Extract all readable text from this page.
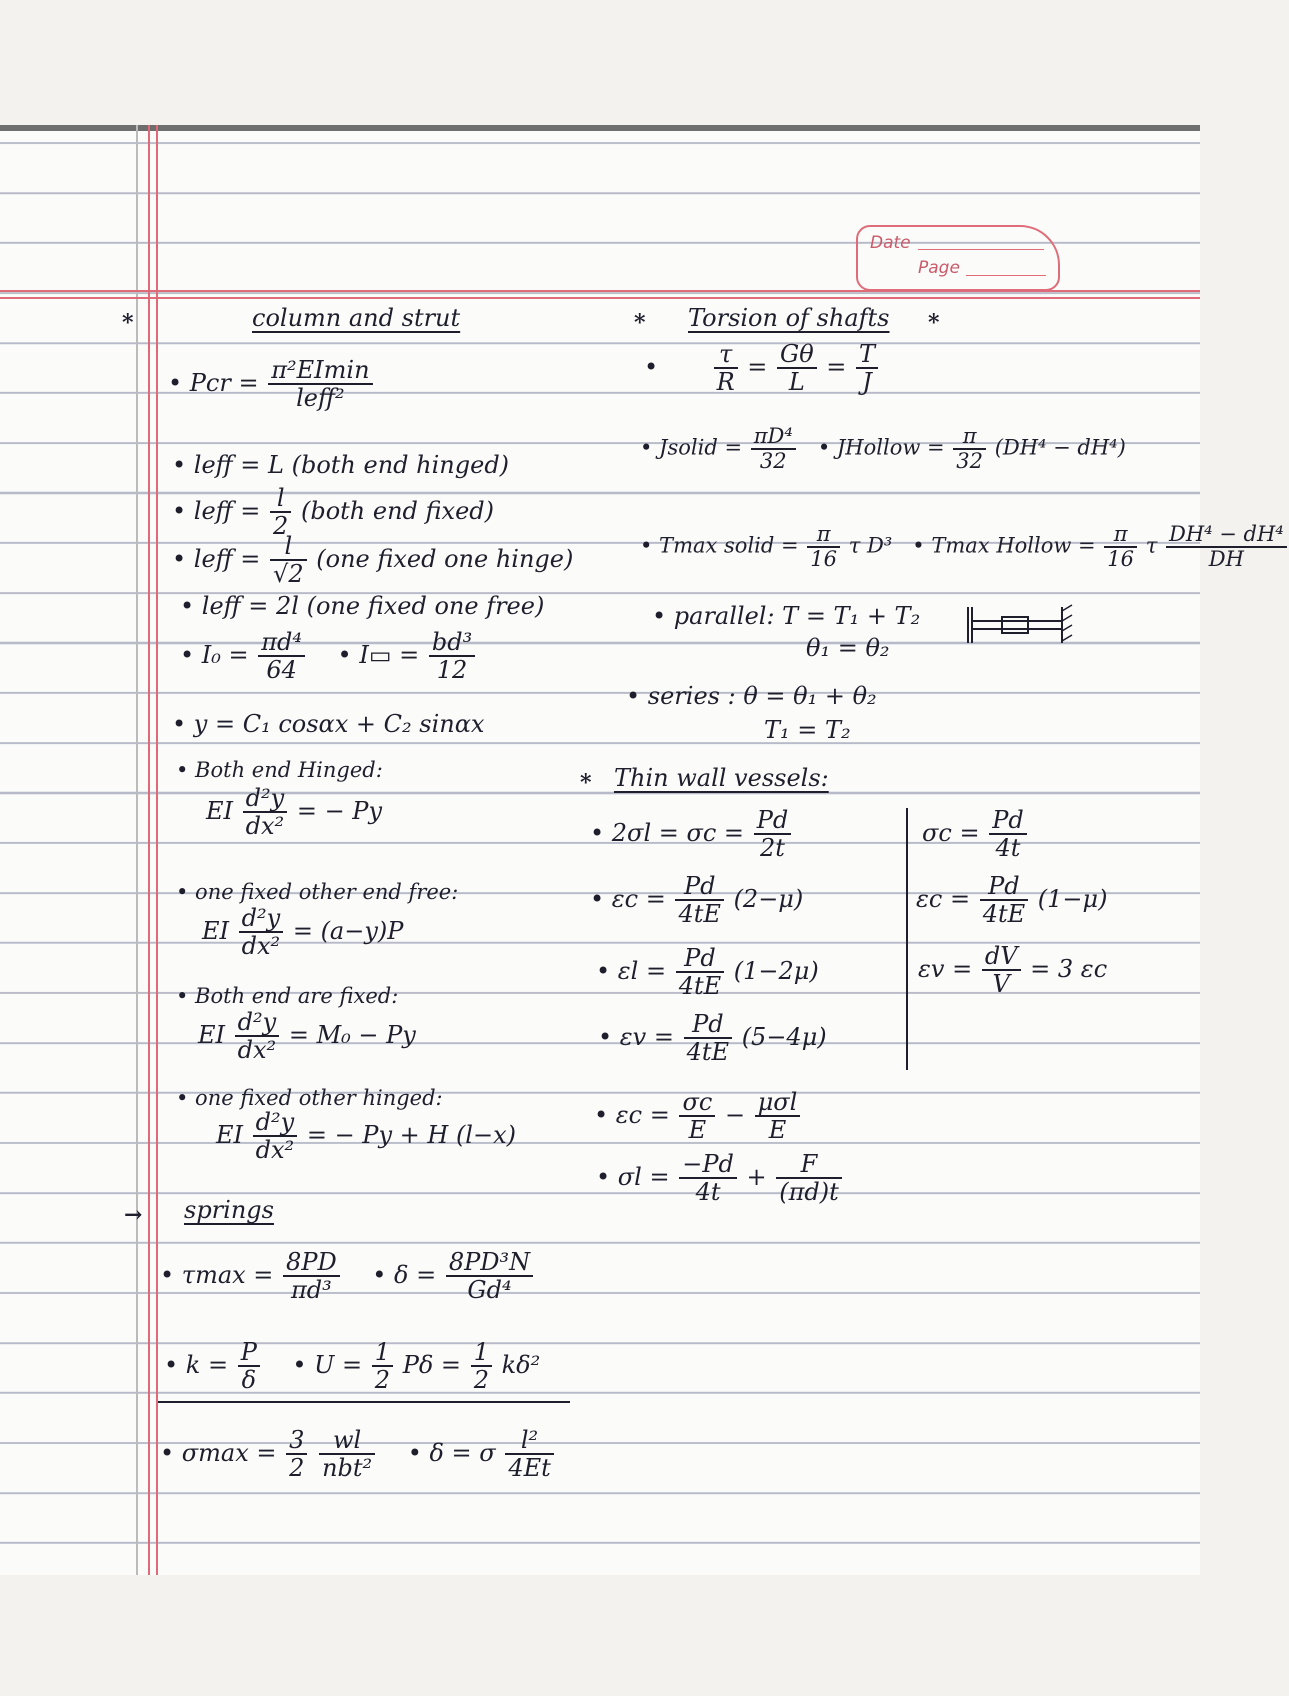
Date
Page
*	column and strut
• Pcr = $\frac{\text{π²EImin}}{\text{leff²}}$
• leff = L (both end hinged)
• leff = $\frac{l}{2}$ (both end fixed)
• leff = $\frac{l}{√2} (one$ fixed one hinge)
• leff = 2l (one fixed one free)
• $I_0 = \frac{\text{πd⁴}}{64}$ • I▭ = $\frac{\text{bd³}}{12}$
• y = C₁ cosαx + C₂ sinαx
• Both end Hinged:
EI $\frac{\text{d²y}}{\text{dx²}}$ = − Py
• one fixed other end free:
EI $\frac{\text{d²y}}{\text{dx²}} = (a-y)P$
• Both end are fixed:
EI $\frac{\text{d²y}}{\text{dx²}} = M_0 - Py$
• one fixed other hinged:
EI $\frac{\text{d²y}}{\text{dx²}}$ = − Py + H (l−x)
→ springs
• $\tau\max = \frac{8PD}{\text{πd³}}$ • $\delta = \frac{\text{8PD³N}}{\text{Gd⁴}}$
• $k = \frac{P}{\delta}$ • $U = \frac{1}{2}$ $P\delta = \frac{1}{2} k\delta^2$
• $\sigma\max = \frac{3}{2}$
$\frac{wl}{\text{nbt²}}$ • δ = σ $\frac{\text{l²}}{4Et}$
* Torsion of shafts *
• $\frac{\tau}{R} = \frac{G\theta}{L} = \frac{T}{J}$
• Jsolid = $\frac{\text{πD⁴}}{32}$ • JHollow = $\frac{\pi}{32} (DH^4 - dH^4)$
• Tmax solid = $\frac{\pi}{16}$ τ D³ • Tmax Hollow = $\frac{\pi}{16}$ τ $\frac{\text{DH⁴ − dH⁴}}{DH}$
• parallel: T = T₁ + T₂
θ₁ = θ₂
• series : θ = θ₁ + θ₂
T₁ = T₂
* Thin wall vessels:
• $2\sigma l = \sigma c = \frac{Pd}{2t}$
• $\varepsilon c = \frac{Pd}{4tE} (2-\mu)$
• $\varepsilon l = \frac{Pd}{4tE} (1-2\mu)$
• $\varepsilon v = \frac{Pd}{4tE} (5-4\mu)$
• $\varepsilon c = \frac{\sigma c}{E} - \frac{\text{μσl}}{E}$
• $\sigma l = \frac{-Pd}{4t} + \frac{F}{(\pi d)t}$
$\sigma c = \frac{Pd}{4t}$
$\varepsilon c = \frac{Pd}{4tE} (1-\mu)$
$\varepsilon v = \frac{dV}{V} = 3$ εc
